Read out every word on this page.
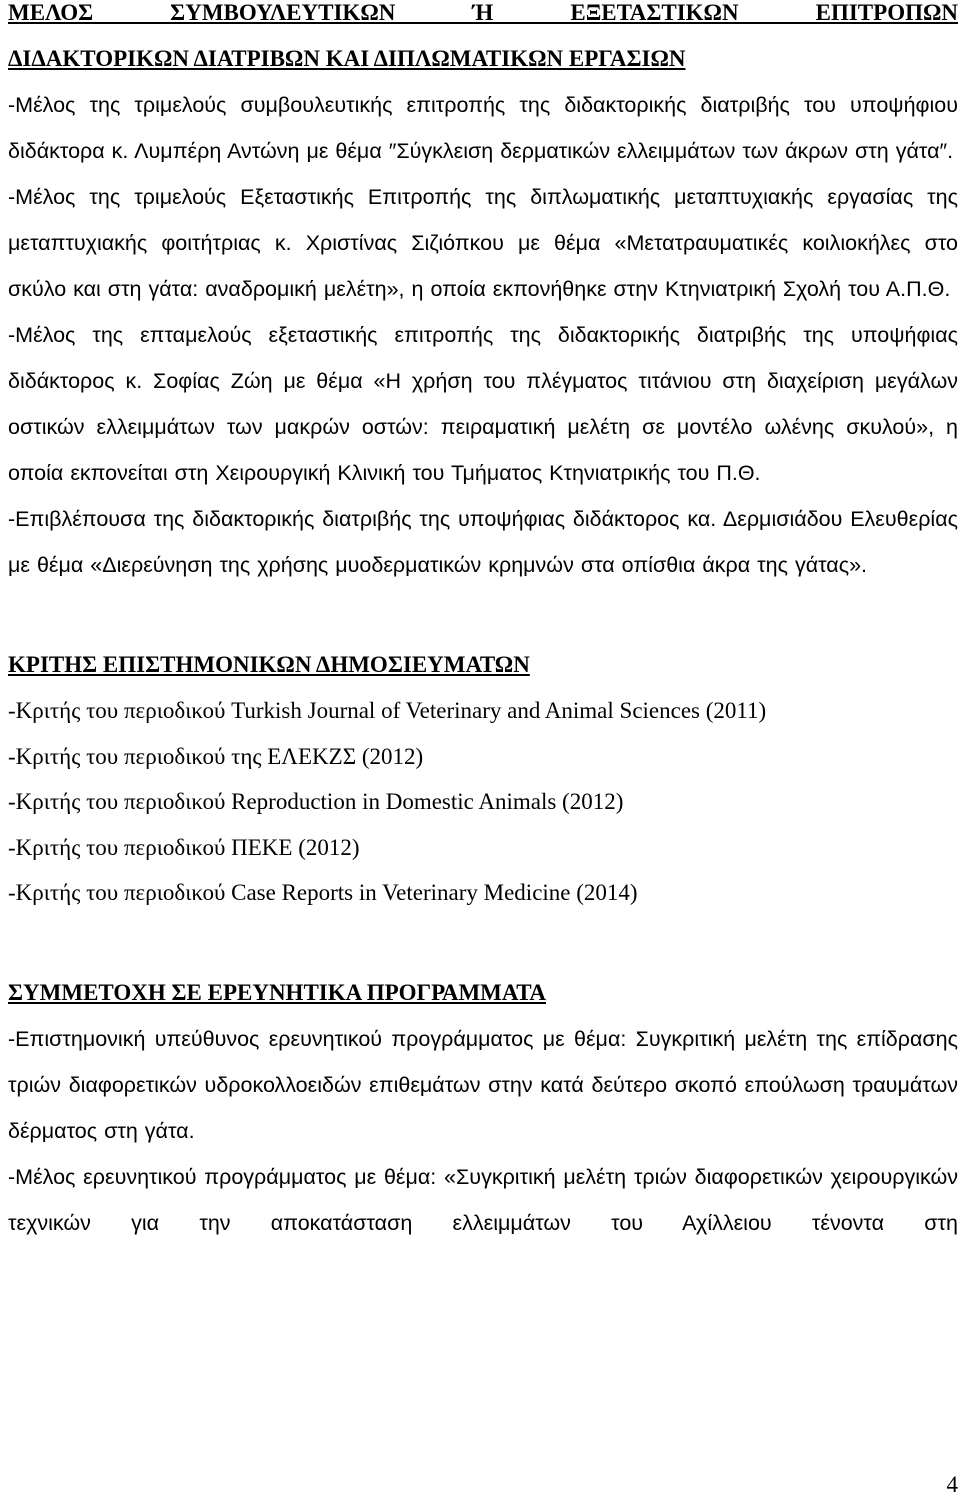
ΜΕΛΟΣ ΣΥΜΒΟΥΛΕΥΤΙΚΩΝ Ή ΕΞΕΤΑΣΤΙΚΩΝ ΕΠΙΤΡΟΠΩΝ

ΔΙΔΑΚΤΟΡΙΚΩΝ ΔΙΑΤΡΙΒΩΝ ΚΑΙ ΔΙΠΛΩΜΑΤΙΚΩΝ ΕΡΓΑΣΙΩΝ

-Μέλος της τριμελούς συμβουλευτικής επιτροπής της διδακτορικής διατριβής του υποψήφιου διδάκτορα κ. Λυμπέρη Αντώνη με θέμα ″Σύγκλειση δερματικών ελλειμμάτων των άκρων στη γάτα″.

-Μέλος της τριμελούς Εξεταστικής Επιτροπής της διπλωματικής μεταπτυχιακής εργασίας της μεταπτυχιακής φοιτήτριας κ. Χριστίνας Σιζιόπκου με θέμα «Μετατραυματικές κοιλιοκήλες στο σκύλο και στη γάτα: αναδρομική μελέτη», η οποία εκπονήθηκε στην Κτηνιατρική Σχολή του Α.Π.Θ.

-Μέλος της επταμελούς εξεταστικής επιτροπής της διδακτορικής διατριβής της υποψήφιας διδάκτορος κ. Σοφίας Ζώη με θέμα «Η χρήση του πλέγματος τιτάνιου στη διαχείριση μεγάλων οστικών ελλειμμάτων των μακρών οστών: πειραματική μελέτη σε μοντέλο ωλένης σκυλού», η οποία εκπονείται στη Χειρουργική Κλινική του Τμήματος Κτηνιατρικής του Π.Θ.

-Επιβλέπουσα της διδακτορικής διατριβής της υποψήφιας διδάκτορος κα. Δερμισιάδου Ελευθερίας με θέμα «Διερεύνηση της χρήσης μυοδερματικών κρημνών στα οπίσθια άκρα της γάτας».

ΚΡΙΤΗΣ ΕΠΙΣΤΗΜΟΝΙΚΩΝ ΔΗΜΟΣΙΕΥΜΑΤΩΝ

-Κριτής του περιοδικού Turkish Journal of Veterinary and Animal Sciences (2011)

-Κριτής του περιοδικού της ΕΛΕΚΖΣ (2012)

-Κριτής του περιοδικού Reproduction in Domestic Animals (2012)

-Κριτής του περιοδικού ΠΕΚΕ (2012)

-Κριτής του περιοδικού Case Reports in Veterinary Medicine (2014)

ΣΥΜΜΕΤΟΧΗ ΣΕ ΕΡΕΥΝΗΤΙΚΑ ΠΡΟΓΡΑΜΜΑΤΑ

-Επιστημονική υπεύθυνος ερευνητικού προγράμματος με θέμα: Συγκριτική μελέτη της επίδρασης τριών διαφορετικών υδροκολλοειδών επιθεμάτων στην κατά δεύτερο σκοπό επούλωση τραυμάτων δέρματος στη γάτα.

-Μέλος ερευνητικού προγράμματος με θέμα: «Συγκριτική μελέτη τριών διαφορετικών χειρουργικών τεχνικών για την αποκατάσταση ελλειμμάτων του Αχίλλειου τένοντα στη

4
